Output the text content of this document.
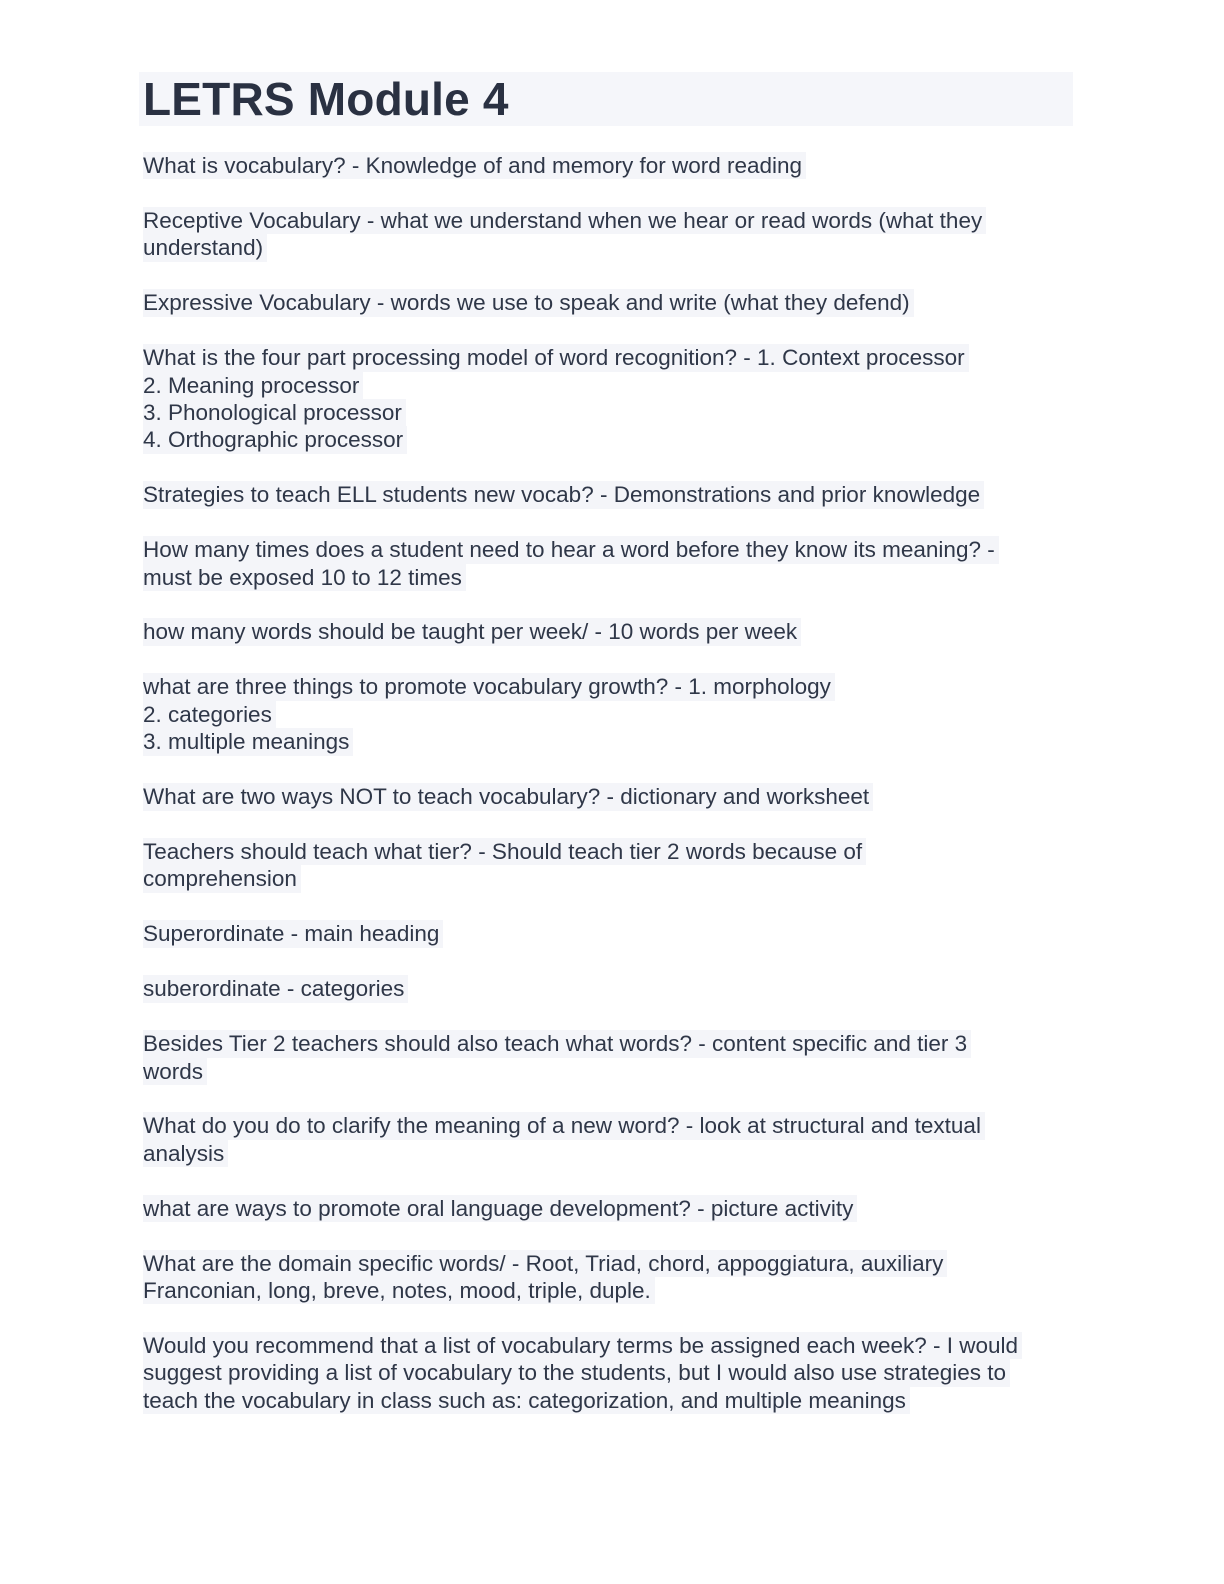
LETRS Module 4
What is vocabulary? - Knowledge of and memory for word reading
Receptive Vocabulary - what we understand when we hear or read words (what they
understand)
Expressive Vocabulary - words we use to speak and write (what they defend)
What is the four part processing model of word recognition? - 1. Context processor
2. Meaning processor
3. Phonological processor
4. Orthographic processor
Strategies to teach ELL students new vocab? - Demonstrations and prior knowledge
How many times does a student need to hear a word before they know its meaning? -
must be exposed 10 to 12 times
how many words should be taught per week/ - 10 words per week
what are three things to promote vocabulary growth? - 1. morphology
2. categories
3. multiple meanings
What are two ways NOT to teach vocabulary? - dictionary and worksheet
Teachers should teach what tier? - Should teach tier 2 words because of
comprehension
Superordinate - main heading
suberordinate - categories
Besides Tier 2 teachers should also teach what words? - content specific and tier 3
words
What do you do to clarify the meaning of a new word? - look at structural and textual
analysis
what are ways to promote oral language development? - picture activity
What are the domain specific words/ - Root, Triad, chord, appoggiatura, auxiliary
Franconian, long, breve, notes, mood, triple, duple.
Would you recommend that a list of vocabulary terms be assigned each week? - I would
suggest providing a list of vocabulary to the students, but I would also use strategies to
teach the vocabulary in class such as: categorization, and multiple meanings
